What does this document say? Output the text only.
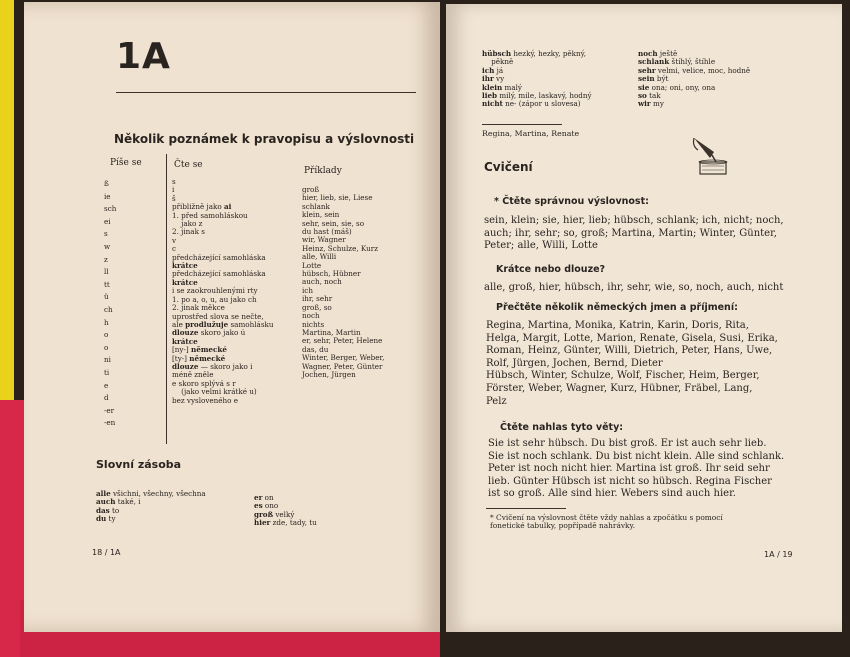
1A
Několik poznámek k pravopisu a výslovnosti
Píše se	Čte se
Příklady
ß
ie
sch
ei
s
w
z
ll
tt
ü
ch
h
o
o
ni
ti
e
d
-er
-en
s
i
š
přibližně jako ai
1. před samohláskou
jako z
2. jinak s
v
c
předcházející samohláska
krátce
předcházející samohláska
krátce
i se zaokrouhlenými rty
1. po a, o, u, au jako ch
2. jinak měkce
uprostřed slova se nečte,
ale prodlužuje samohlásku
dlouze skoro jako ú
krátce
[ny-] německé
[ty-] německé
dlouze — skoro jako i
méně zněle
e skoro splývá s r
(jako velmi krátké u)
bez vysloveného e
groß
hier, lieb, sie, Liese
schlank
klein, sein
sehr, sein, sie, so
du hast (máš)
wir, Wagner
Heinz, Schulze, Kurz
alle, Willi
Lotte
hübsch, Hübner
auch, noch
ich
ihr, sehr
groß, so
noch
nichts
Martina, Martin
er, sehr, Peter, Helene
das, du
Winter, Berger, Weber,
Wagner, Peter, Günter
Jochen, Jürgen
Slovní zásoba
alle všichni, všechny, všechna
auch také, i
das to
du ty
er on
es ono
groß velký
hier zde, tady, tu
18 / 1A
hübsch hezký, hezky, pěkný,
pěkně
ich já
ihr vy
klein malý
lieb milý, mile, laskavý, hodný
nicht ne- (zápor u slovesa)
noch ještě
schlank štíhlý, štíhle
sehr velmi, velice, moc, hodně
sein být
sie ona; oni, ony, ona
so tak
wir my
Regina, Martina, Renate
Cvičení
* Čtěte správnou výslovnost:
sein, klein; sie, hier, lieb; hübsch, schlank; ich, nicht; noch,
auch; ihr, sehr; so, groß; Martina, Martin; Winter, Günter,
Peter; alle, Willi, Lotte
Krátce nebo dlouze?
alle, groß, hier, hübsch, ihr, sehr, wie, so, noch, auch, nicht
Přečtěte několik německých jmen a příjmení:
Regina, Martina, Monika, Katrin, Karin, Doris, Rita,
Helga, Margit, Lotte, Marion, Renate, Gisela, Susi, Erika,
Roman, Heinz, Günter, Willi, Dietrich, Peter, Hans, Uwe,
Rolf, Jürgen, Jochen, Bernd, Dieter
Hübsch, Winter, Schulze, Wolf, Fischer, Heim, Berger,
Förster, Weber, Wagner, Kurz, Hübner, Fräbel, Lang,
Pelz
Čtěte nahlas tyto věty:
Sie ist sehr hübsch. Du bist groß. Er ist auch sehr lieb.
Sie ist noch schlank. Du bist nicht klein. Alle sind schlank.
Peter ist noch nicht hier. Martina ist groß. Ihr seid sehr
lieb. Günter Hübsch ist nicht so hübsch. Regina Fischer
ist so groß. Alle sind hier. Webers sind auch hier.
* Cvičení na výslovnost čtěte vždy nahlas a zpočátku s pomocí
fonetické tabulky, popřípadě nahrávky.
1A / 19
